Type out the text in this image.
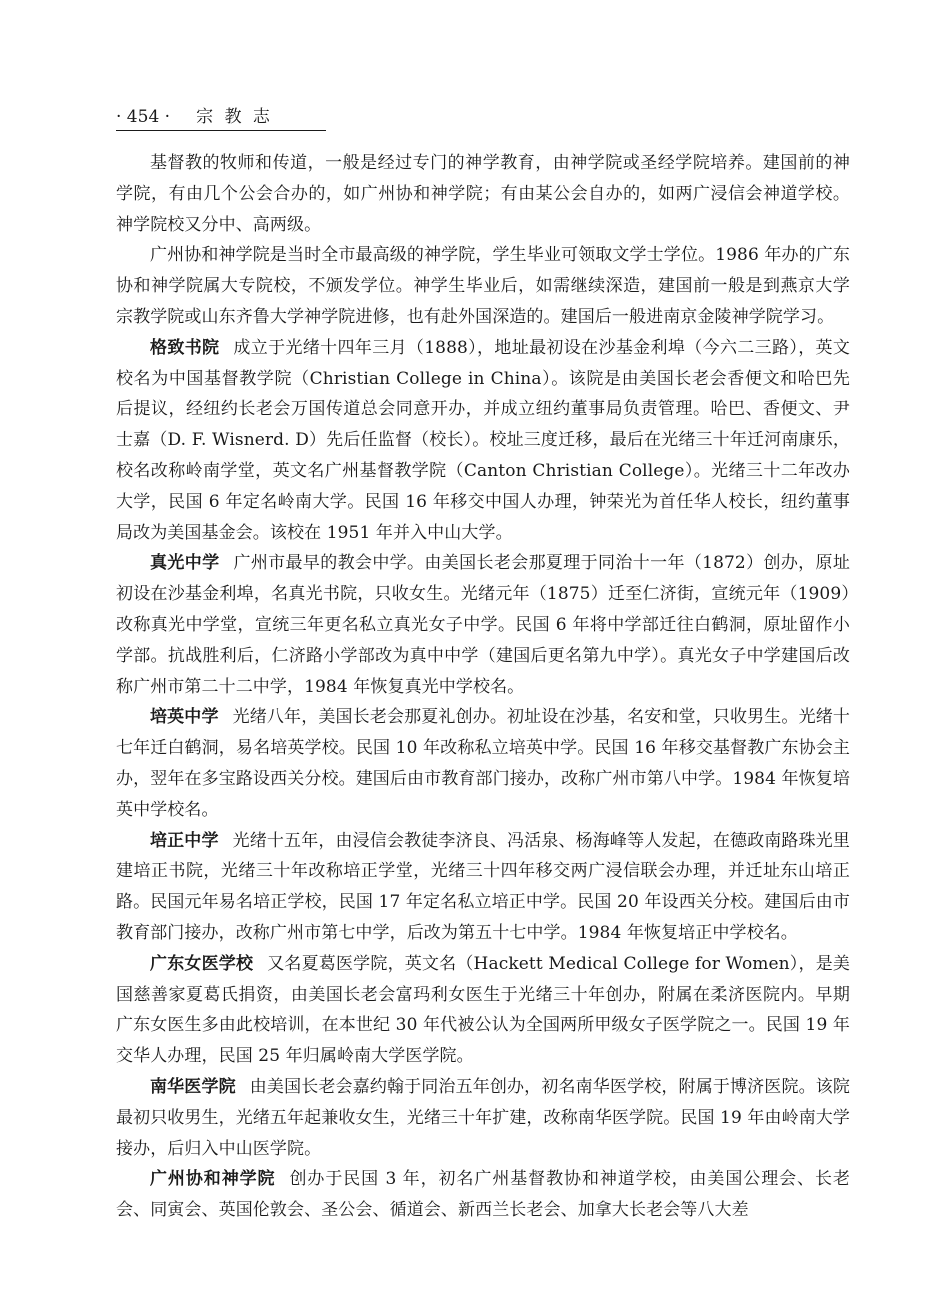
· 454 · 宗 教 志

基督教的牧师和传道，一般是经过专门的神学教育，由神学院或圣经学院培养。建国前的神学院，有由几个公会合办的，如广州协和神学院；有由某公会自办的，如两广浸信会神道学校。神学院校又分中、高两级。

广州协和神学院是当时全市最高级的神学院，学生毕业可领取文学士学位。1986 年办的广东协和神学院属大专院校，不颁发学位。神学生毕业后，如需继续深造，建国前一般是到燕京大学宗教学院或山东齐鲁大学神学院进修，也有赴外国深造的。建国后一般进南京金陵神学院学习。

格致书院 成立于光绪十四年三月（1888），地址最初设在沙基金利埠（今六二三路），英文校名为中国基督教学院（Christian College in China）。该院是由美国长老会香便文和哈巴先后提议，经纽约长老会万国传道总会同意开办，并成立纽约董事局负责管理。哈巴、香便文、尹士嘉（D. F. Wisnerd. D）先后任监督（校长）。校址三度迁移，最后在光绪三十年迁河南康乐，校名改称岭南学堂，英文名广州基督教学院（Canton Christian College）。光绪三十二年改办大学，民国 6 年定名岭南大学。民国 16 年移交中国人办理，钟荣光为首任华人校长，纽约董事局改为美国基金会。该校在 1951 年并入中山大学。

真光中学 广州市最早的教会中学。由美国长老会那夏理于同治十一年（1872）创办，原址初设在沙基金利埠，名真光书院，只收女生。光绪元年（1875）迁至仁济街，宣统元年（1909）改称真光中学堂，宣统三年更名私立真光女子中学。民国 6 年将中学部迁往白鹤洞，原址留作小学部。抗战胜利后，仁济路小学部改为真中中学（建国后更名第九中学）。真光女子中学建国后改称广州市第二十二中学，1984 年恢复真光中学校名。

培英中学 光绪八年，美国长老会那夏礼创办。初址设在沙基，名安和堂，只收男生。光绪十七年迁白鹤洞，易名培英学校。民国 10 年改称私立培英中学。民国 16 年移交基督教广东协会主办，翌年在多宝路设西关分校。建国后由市教育部门接办，改称广州市第八中学。1984 年恢复培英中学校名。

培正中学 光绪十五年，由浸信会教徒李济良、冯活泉、杨海峰等人发起，在德政南路珠光里建培正书院，光绪三十年改称培正学堂，光绪三十四年移交两广浸信联会办理，并迁址东山培正路。民国元年易名培正学校，民国 17 年定名私立培正中学。民国 20 年设西关分校。建国后由市教育部门接办，改称广州市第七中学，后改为第五十七中学。1984 年恢复培正中学校名。

广东女医学校 又名夏葛医学院，英文名（Hackett Medical College for Women），是美国慈善家夏葛氏捐资，由美国长老会富玛利女医生于光绪三十年创办，附属在柔济医院内。早期广东女医生多由此校培训，在本世纪 30 年代被公认为全国两所甲级女子医学院之一。民国 19 年交华人办理，民国 25 年归属岭南大学医学院。

南华医学院 由美国长老会嘉约翰于同治五年创办，初名南华医学校，附属于博济医院。该院最初只收男生，光绪五年起兼收女生，光绪三十年扩建，改称南华医学院。民国 19 年由岭南大学接办，后归入中山医学院。

广州协和神学院 创办于民国 3 年，初名广州基督教协和神道学校，由美国公理会、长老会、同寅会、英国伦敦会、圣公会、循道会、新西兰长老会、加拿大长老会等八大差
